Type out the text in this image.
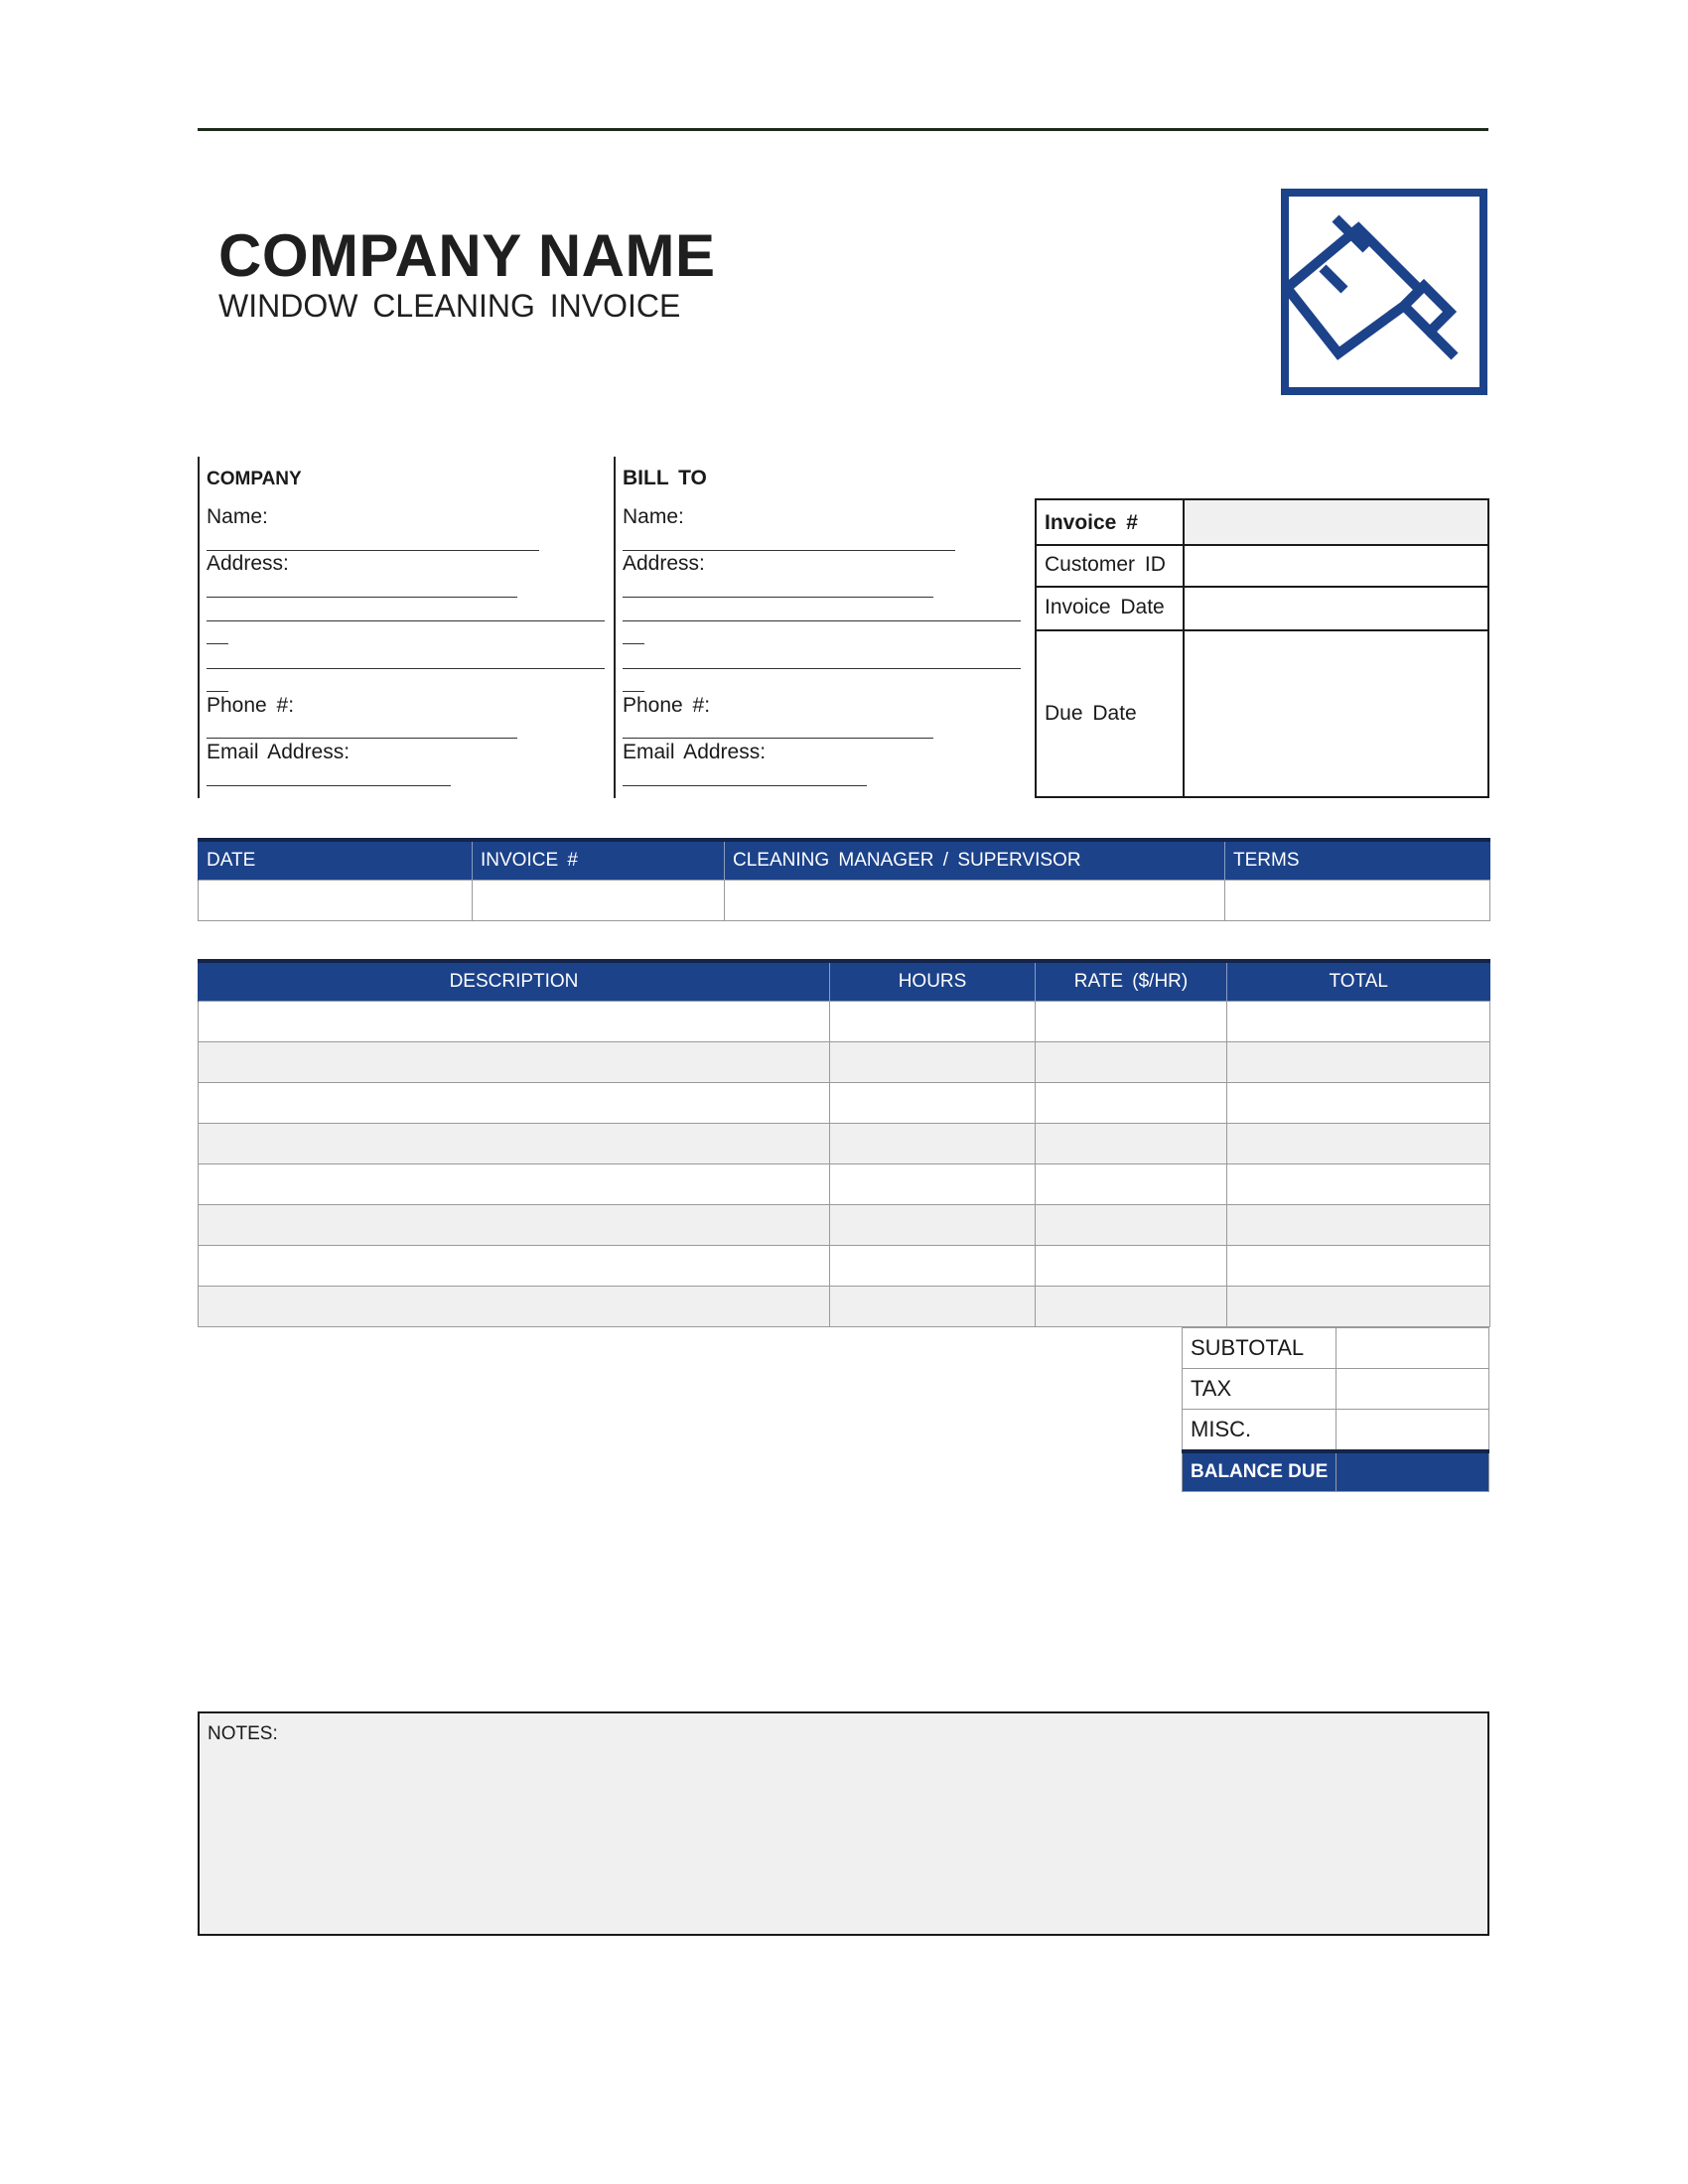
COMPANY NAME
WINDOW CLEANING INVOICE
COMPANY
Name:
Address:
Phone #:
Email Address:
BILL TO
Name:
Address:
Phone #:
Email Address:
Invoice #
Customer ID
Invoice Date
Due Date
DATE	INVOICE #	CLEANING MANAGER / SUPERVISOR	TERMS

DESCRIPTION	HOURS	RATE ($/HR)	TOTAL

SUBTOTAL	
TAX	
MISC.	
BALANCE DUE	
NOTES:
